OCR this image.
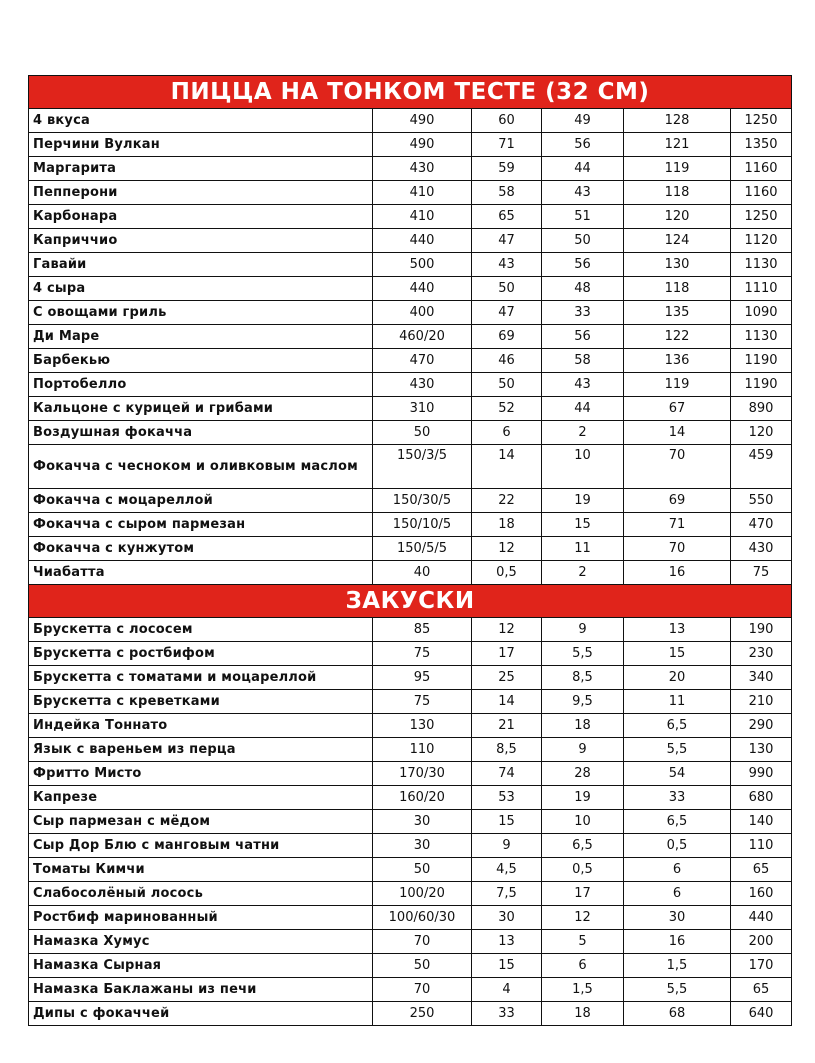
ПИЦЦА НА ТОНКОМ ТЕСТЕ (32 СМ)					
4 вкуса	490	60	49	128	1250
Перчини Вулкан	490	71	56	121	1350
Маргарита	430	59	44	119	1160
Пепперони	410	58	43	118	1160
Карбонара	410	65	51	120	1250
Каприччио	440	47	50	124	1120
Гавайи	500	43	56	130	1130
4 сыра	440	50	48	118	1110
С овощами гриль	400	47	33	135	1090
Ди Маре	460/20	69	56	122	1130
Барбекью	470	46	58	136	1190
Портобелло	430	50	43	119	1190
Кальцоне с курицей и грибами	310	52	44	67	890
Воздушная фокачча	50	6	2	14	120
Фокачча с чесноком и оливковым маслом	150/3/5	14	10	70	459
Фокачча с моцареллой	150/30/5	22	19	69	550
Фокачча с сыром пармезан	150/10/5	18	15	71	470
Фокачча с кунжутом	150/5/5	12	11	70	430
Чиабатта	40	0,5	2	16	75
ЗАКУСКИ					
Брускетта с лососем	85	12	9	13	190
Брускетта с ростбифом	75	17	5,5	15	230
Брускетта с томатами и моцареллой	95	25	8,5	20	340
Брускетта с креветками	75	14	9,5	11	210
Индейка Тоннато	130	21	18	6,5	290
Язык с вареньем из перца	110	8,5	9	5,5	130
Фритто Мисто	170/30	74	28	54	990
Капрезе	160/20	53	19	33	680
Сыр пармезан с мёдом	30	15	10	6,5	140
Сыр Дор Блю с манговым чатни	30	9	6,5	0,5	110
Томаты Кимчи	50	4,5	0,5	6	65
Слабосолёный лосось	100/20	7,5	17	6	160
Ростбиф маринованный	100/60/30	30	12	30	440
Намазка Хумус	70	13	5	16	200
Намазка Сырная	50	15	6	1,5	170
Намазка Баклажаны из печи	70	4	1,5	5,5	65
Дипы с фокаччей	250	33	18	68	640
